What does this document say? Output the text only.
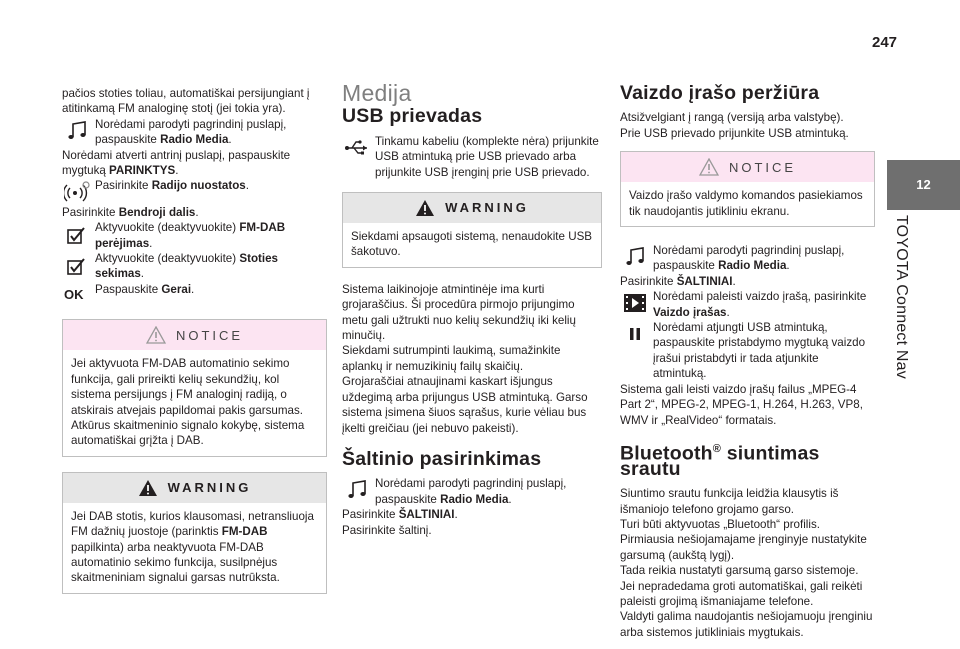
247
12
TOYOTA Connect Nav

pačios stoties toliau, automatiškai persijungiant į atitinkamą FM analoginę stotį (jei tokia yra).

Norėdami parodyti pagrindinį puslapį, paspauskite Radio Media.

Norėdami atverti antrinį puslapį, paspauskite mygtuką PARINKTYS.

Pasirinkite Radijo nuostatos.

Pasirinkite Bendroji dalis.

Aktyvuokite (deaktyvuokite) FM-DAB perėjimas.
Aktyvuokite (deaktyvuokite) Stoties sekimas.
OK Paspauskite Gerai.
NOTICE
Jei aktyvuota FM-DAB automatinio sekimo funkcija, gali prireikti kelių sekundžių, kol sistema persijungs į FM analoginį radiją, o atskirais atvejais papildomai pakis garsumas. Atkūrus skaitmeninio signalo kokybę, sistema automatiškai grįžta į DAB.
WARNING
Jei DAB stotis, kurios klausomasi, netransliuoja FM dažnių juostoje (parinktis FM-DAB papilkinta) arba neaktyvuota FM-DAB automatinio sekimo funkcija, susilpnėjus skaitmeniniam signalui garsas nutrūksta.
Medija
USB prievadas
Tinkamu kabeliu (komplekte nėra) prijunkite USB atmintuką prie USB prievado arba prijunkite USB įrenginį prie USB prievado.
WARNING
Siekdami apsaugoti sistemą, nenaudokite USB šakotuvo.

Sistema laikinojoje atmintinėje ima kurti grojaraščius. Ši procedūra pirmojo prijungimo metu gali užtrukti nuo kelių sekundžių iki kelių minučių.
Siekdami sutrumpinti laukimą, sumažinkite aplankų ir nemuzikinių failų skaičių.
Grojaraščiai atnaujinami kaskart išjungus uždegimą arba prijungus USB atmintuką. Garso sistema įsimena šiuos sąrašus, kurie vėliau bus įkelti greičiau (jei nebuvo pakeisti).

Šaltinio pasirinkimas
Norėdami parodyti pagrindinį puslapį, paspauskite Radio Media.

Pasirinkite ŠALTINIAI.

Pasirinkite šaltinį.

Vaizdo įrašo peržiūra

Atsižvelgiant į rangą (versiją arba valstybę).
Prie USB prievado prijunkite USB atmintuką.

NOTICE
Vaizdo įrašo valdymo komandos pasiekiamos tik naudojantis jutikliniu ekranu.
Norėdami parodyti pagrindinį puslapį, paspauskite Radio Media.

Pasirinkite ŠALTINIAI.

Norėdami paleisti vaizdo įrašą, pasirinkite Vaizdo įrašas.
Norėdami atjungti USB atmintuką, paspauskite pristabdymo mygtuką vaizdo įrašui pristabdyti ir tada atjunkite atmintuką.

Sistema gali leisti vaizdo įrašų failus „MPEG-4 Part 2“, MPEG-2, MPEG-1, H.264, H.263, VP8, WMV ir „RealVideo“ formatais.

Bluetooth® siuntimas srautu

Siuntimo srautu funkcija leidžia klausytis iš išmaniojo telefono grojamo garso.
Turi būti aktyvuotas „Bluetooth“ profilis.
Pirmiausia nešiojamajame įrenginyje nustatykite garsumą (aukštą lygį).
Tada reikia nustatyti garsumą garso sistemoje.
Jei nepradedama groti automatiškai, gali reikėti paleisti grojimą išmaniajame telefone.
Valdyti galima naudojantis nešiojamuoju įrenginiu arba sistemos jutikliniais mygtukais.
